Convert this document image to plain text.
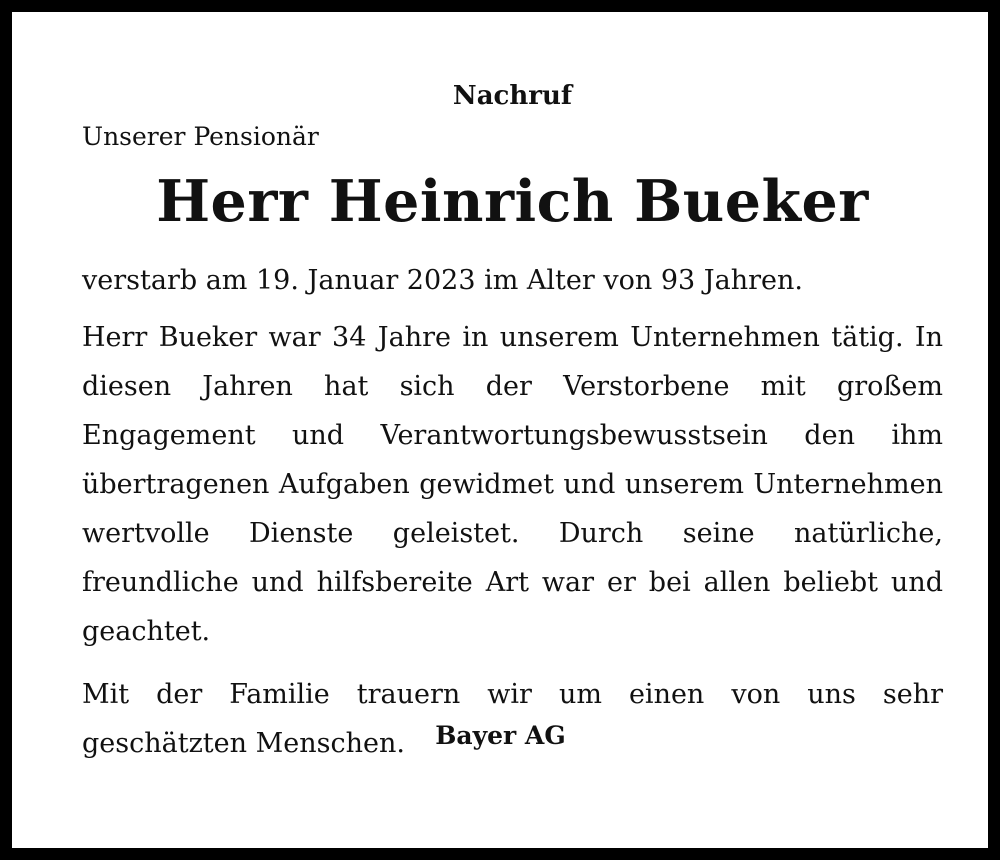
Nachruf

Unserer Pensionär

Herr Heinrich Bueker

verstarb am 19. Januar 2023 im Alter von 93 Jahren.

Herr Bueker war 34 Jahre in unserem Unternehmen tätig. In diesen Jahren hat sich der Verstorbene mit großem Engagement und Verantwortungsbewusstsein den ihm übertragenen Aufgaben gewidmet und unserem Unternehmen wertvolle Dienste geleistet. Durch seine natürliche, freundliche und hilfsbereite Art war er bei allen beliebt und geachtet.

Mit der Familie trauern wir um einen von uns sehr geschätzten Menschen.	Bayer AG
